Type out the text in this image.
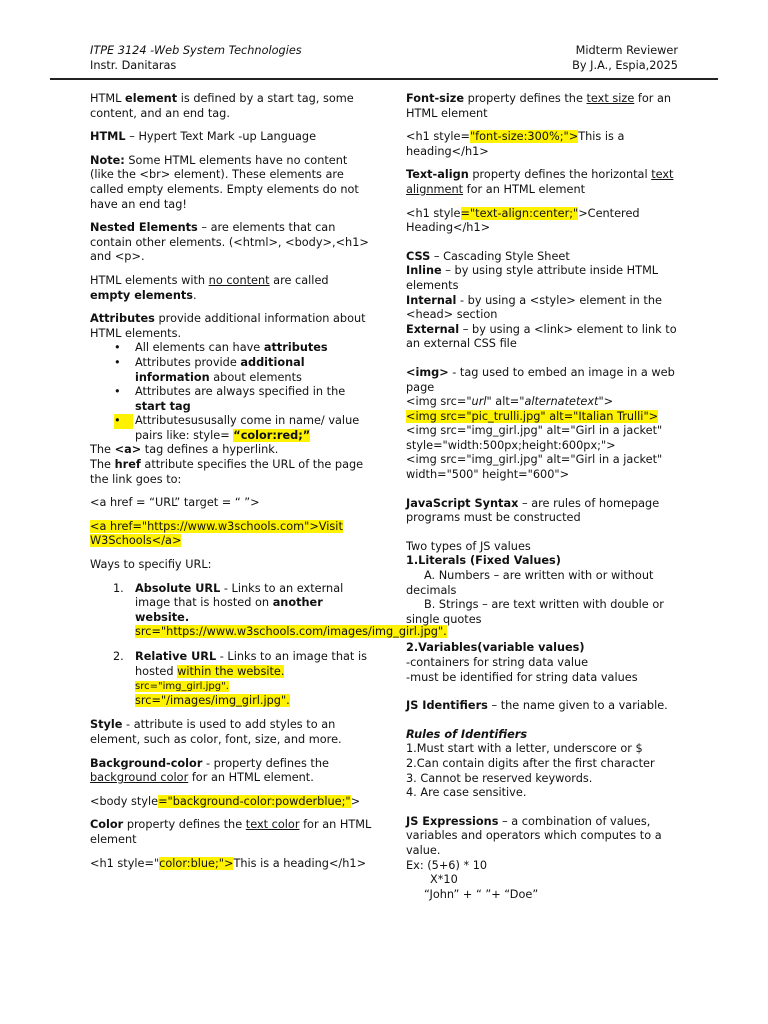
ITPE 3124 -Web System Technologies
Instr. Danitaras
Midterm Reviewer
By J.A., Espia,2025

HTML element is defined by a start tag, some content, and an end tag.

HTML – Hypert Text Mark -up Language

Note: Some HTML elements have no content (like the <br> element). These elements are called empty elements. Empty elements do not have an end tag!

Nested Elements – are elements that can contain other elements. (<html>, <body>,<h1> and <p>.

HTML elements with no content are called empty elements.

Attributes provide additional information about HTML elements.

• All elements can have attributes
• Attributes provide additional information about elements
• Attributes are always specified in the start tag
• Attributesususally come in name/ value pairs like: style= “color:red;”

The <a> tag defines a hyperlink.

The href attribute specifies the URL of the page the link goes to:

<a href = “URL” target = “ ”>

<a href="https://www.w3schools.com">Visit W3Schools</a>

Ways to specifiy URL:

1. Absolute URL - Links to an external image that is hosted on another website.
src="https://www.w3schools.com/images/img_girl.jpg".
2. Relative URL - Links to an image that is hosted within the website.
src="img_girl.jpg".
src="/images/img_girl.jpg".

Style - attribute is used to add styles to an element, such as color, font, size, and more.

Background-color - property defines the background color for an HTML element.

<body style="background-color:powderblue;">

Color property defines the text color for an HTML element

<h1 style="color:blue;">This is a heading</h1>

Font-size property defines the text size for an HTML element

<h1 style="font-size:300%;">This is a heading</h1>

Text-align property defines the horizontal text alignment for an HTML element

<h1 style="text-align:center;">Centered Heading</h1>

CSS – Cascading Style Sheet
Inline – by using style attribute inside HTML elements
Internal - by using a <style> element in the <head> section
External – by using a <link> element to link to an external CSS file

<img> - tag used to embed an image in a web page
<img src="url" alt="alternatetext">
<img src="pic_trulli.jpg" alt="Italian Trulli">
<img src="img_girl.jpg" alt="Girl in a jacket" style="width:500px;height:600px;">
<img src="img_girl.jpg" alt="Girl in a jacket" width="500" height="600">

JavaScript Syntax – are rules of homepage programs must be constructed

Two types of JS values
1.Literals (Fixed Values)
A. Numbers – are written with or without decimals
B. Strings – are text written with double or single quotes

2.Variables(variable values)
-containers for string data value
-must be identified for string data values

JS Identifiers – the name given to a variable.

Rules of Identifiers
1.Must start with a letter, underscore or $
2.Can contain digits after the first character
3. Cannot be reserved keywords.
4. Are case sensitive.

JS Expressions – a combination of values, variables and operators which computes to a value.
Ex: (5+6) * 10
X*10
“John” + “ ”+ “Doe”
